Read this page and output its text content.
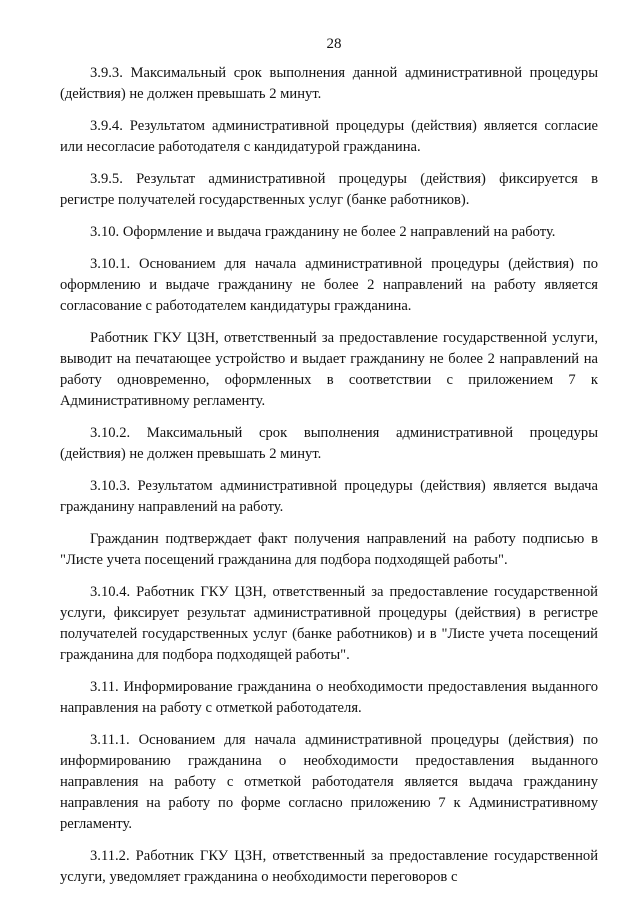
28

3.9.3. Максимальный срок выполнения данной административной процедуры (действия) не должен превышать 2 минут.

3.9.4. Результатом административной процедуры (действия) является согласие или несогласие работодателя с кандидатурой гражданина.

3.9.5. Результат административной процедуры (действия) фиксируется в регистре получателей государственных услуг (банке работников).

3.10. Оформление и выдача гражданину не более 2 направлений на работу.

3.10.1. Основанием для начала административной процедуры (действия) по оформлению и выдаче гражданину не более 2 направлений на работу является согласование с работодателем кандидатуры гражданина.

Работник ГКУ ЦЗН, ответственный за предоставление государственной услуги, выводит на печатающее устройство и выдает гражданину не более 2 направлений на работу одновременно, оформленных в соответствии с приложением 7 к Административному регламенту.

3.10.2. Максимальный срок выполнения административной процедуры (действия) не должен превышать 2 минут.

3.10.3. Результатом административной процедуры (действия) является выдача гражданину направлений на работу.

Гражданин подтверждает факт получения направлений на работу подписью в "Листе учета посещений гражданина для подбора подходящей работы".

3.10.4. Работник ГКУ ЦЗН, ответственный за предоставление государственной услуги, фиксирует результат административной процедуры (действия) в регистре получателей государственных услуг (банке работников) и в "Листе учета посещений гражданина для подбора подходящей работы".

3.11. Информирование гражданина о необходимости предоставления выданного направления на работу с отметкой работодателя.

3.11.1. Основанием для начала административной процедуры (действия) по информированию гражданина о необходимости предоставления выданного направления на работу с отметкой работодателя является выдача гражданину направления на работу по форме согласно приложению 7 к Административному регламенту.

3.11.2. Работник ГКУ ЦЗН, ответственный за предоставление государственной услуги, уведомляет гражданина о необходимости переговоров с
